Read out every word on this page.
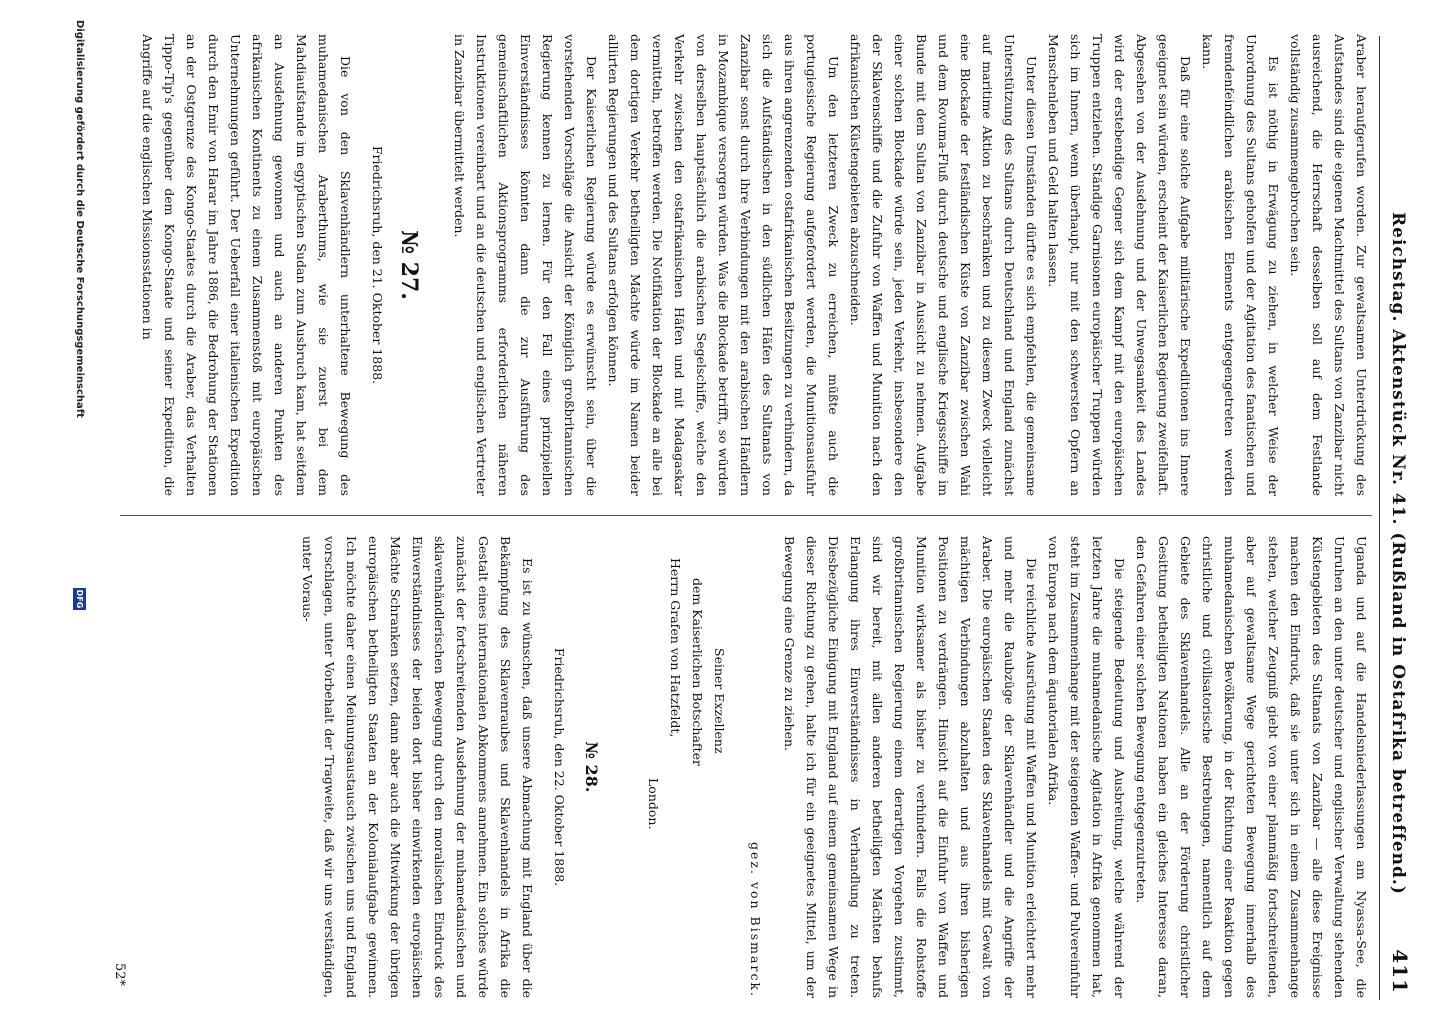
Reichstag. Aktenstück Nr. 41. (Rußland in Ostafrika betreffend.)
411

Araber heraufgerufen worden. Zur gewaltsamen Unterdrückung des Aufstandes sind die eigenen Machtmittel des Sultans von Zanzibar nicht ausreichend, die Herrschaft desselben soll auf dem Festlande vollständig zusammengebrochen sein.

Es ist nöthig in Erwägung zu ziehen, in welcher Weise der Unordnung des Sultans geholfen und der Agitation des fanatischen und fremdenfeindlichen arabischen Elements entgegengetreten werden kann.

Daß für eine solche Aufgabe militärische Expeditionen ins Innere geeignet sein würden, erscheint der Kaiserlichen Regierung zweifelhaft. Abgesehen von der Ausdehnung und der Unwegsamkeit des Landes wird der erstebendige Gegner sich dem Kampf mit den europäischen Truppen entziehen. Ständige Garnisonen europäischer Truppen würden sich im Innern, wenn überhaupt, nur mit den schwersten Opfern an Menschenleben und Geld halten lassen.

Unter diesen Umständen dürfte es sich empfehlen, die gemeinsame Unterstützung des Sultans durch Deutschland und England zunächst auf maritime Aktion zu beschränken und zu diesem Zweck vielleicht eine Blockade der festländischen Küste von Zanzibar zwischen Wahi und dem Rovuma-Fluß durch deutsche und englische Kriegsschiffe im Bunde mit dem Sultan von Zanzibar in Aussicht zu nehmen. Aufgabe einer solchen Blockade würde sein, jeden Verkehr, insbesondere den der Sklavenschiffe und die Zufuhr von Waffen und Munition nach den afrikanischen Küstengebieten abzuschneiden.

Um den letzteren Zweck zu erreichen, müßte auch die portugiesische Regierung aufgefordert werden, die Munitionsausfuhr aus ihren angrenzenden ostafrikanischen Besitzungen zu verhindern, da sich die Aufständischen in den südlichen Häfen des Sultanats von Zanzibar sonst durch ihre Verbindungen mit den arabischen Händlern in Mozambique versorgen würden. Was die Blockade betrifft, so würden von derselben hauptsächlich die arabischen Segelschiffe, welche den Verkehr zwischen den ostafrikanischen Häfen und mit Madagaskar vermitteln, betroffen werden. Die Notifikation der Blockade an alle bei dem dortigen Verkehr betheiligten Mächte würde im Namen beider alliirten Regierungen und des Sultans erfolgen können.

Der Kaiserlichen Regierung würde es erwünscht sein, über die vorstehenden Vorschläge die Ansicht der Königlich großbritannischen Regierung kennen zu lernen. Für den Fall eines prinzipiellen Einverständnisses könnten dann die zur Ausführung des gemeinschaftlichen Aktionsprogramms erforderlichen näheren Instruktionen vereinbart und an die deutschen und englischen Vertreter in Zanzibar übermittelt werden.

№ 27.
Friedrichsruh, den 21. Oktober 1888.

Die von den Sklavenhändlern unterhaltene Bewegung des muhamedanischen Araberthums, wie sie zuerst bei dem Mahdiaufstande im egyptischen Sudan zum Ausbruch kam, hat seitdem an Ausdehnung gewonnen und auch an anderen Punkten des afrikanischen Kontinents zu einem Zusammenstoß mit europäischen Unternehmungen geführt. Der Ueberfall einer italienischen Expedition durch den Emir von Harar im Jahre 1886, die Bedrohung der Stationen an der Ostgrenze des Kongo-Staates durch die Araber, das Verhalten Tippo-Tip's gegenüber dem Kongo-Staate und seiner Expedition, die Angriffe auf die englischen Missionsstationen in

Uganda und auf die Handelsniederlassungen am Nyassa-See, die Unruhen an den unter deutscher und englischer Verwaltung stehenden Küstengebieten des Sultanats von Zanzibar — alle diese Ereignisse machen den Eindruck, daß sie unter sich in einem Zusammenhange stehen, welcher Zeugniß giebt von einer planmäßig fortschreitenden, aber auf gewaltsame Wege gerichteten Bewegung innerhalb des muhamedanischen Bevölkerung, in der Richtung einer Reaktion gegen christliche und civilisatorische Bestrebungen, namentlich auf dem Gebiete des Sklavenhandels. Alle an der Förderung christlicher Gesittung betheiligten Nationen haben ein gleiches Interesse daran, den Gefahren einer solchen Bewegung entgegenzutreten.

Die steigende Bedeutung und Ausbreitung, welche während der letzten Jahre die muhamedanische Agitation in Afrika genommen hat, steht im Zusammenhange mit der steigenden Waffen- und Pulvereinfuhr von Europa nach dem äquatorialen Afrika.

Die reichliche Ausrüstung mit Waffen und Munition erleichtert mehr und mehr die Raubzüge der Sklavenhändler und die Angriffe der Araber. Die europäischen Staaten des Sklavenhandels mit Gewalt von mächtigen Verbindungen abzuhalten und aus ihren bisherigen Positionen zu verdrängen. Hinsicht auf die Einfuhr von Waffen und Munition wirksamer als bisher zu verhindern. Falls die Rohstoffe großbritannischen Regierung einem derartigen Vorgehen zustimmt, sind wir bereit, mit allen anderen betheiligten Mächten behufs Erlangung ihres Einverständnisses in Verhandlung zu treten. Diesbezügliche Einigung mit England auf einem gemeinsamen Wege in dieser Richtung zu gehen, halte ich für ein geeignetes Mittel, um der Bewegung eine Grenze zu ziehen.

gez. von Bismarck.

Seiner Exzellenz

dem Kaiserlichen Botschafter

Herrn Grafen von Hatzfeldt,

London.

№ 28.
Friedrichsruh, den 22. Oktober 1888.

Es ist zu wünschen, daß unsere Abmachung mit England über die Bekämpfung des Sklavenraubes und Sklavenhandels in Afrika die Gestalt eines internationalen Abkommens annehmen. Ein solches würde zunächst der fortschreitenden Ausdehnung der muhamedanischen und sklavenhändlerischen Bewegung durch den moralischen Eindruck des Einverständnisses der beiden dort bisher einwirkenden europäischen Mächte Schranken setzen, dann aber auch die Mitwirkung der übrigen europäischen betheiligten Staaten an der Kolonialaufgabe gewinnen. Ich möchte daher einen Meinungsaustausch zwischen uns und England vorschlagen, unter Vorbehalt der Tragweite, daß wir uns verständigen, unter Voraus-

52*
Digitalisierung gefördert durch die Deutsche Forschungsgemeinschaft
DFG
